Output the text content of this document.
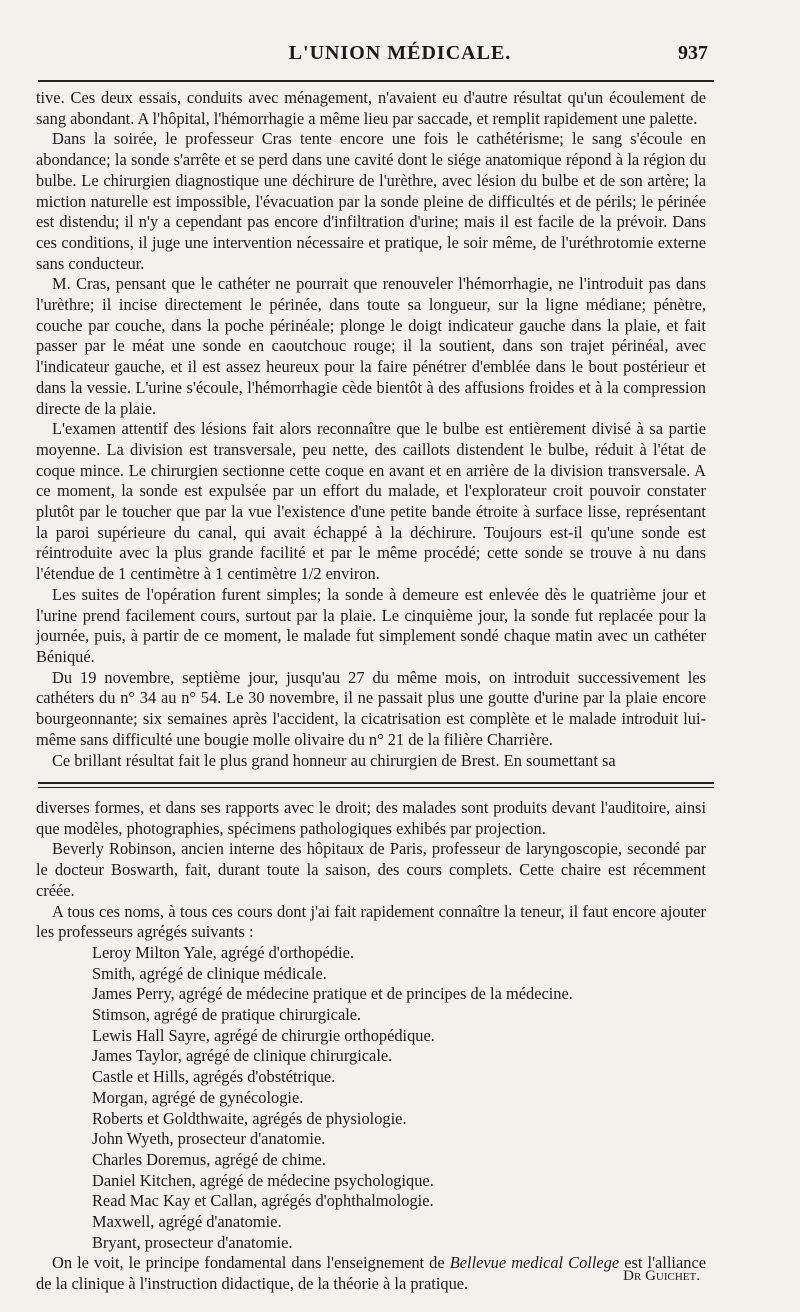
L'UNION MÉDICALE.	937

tive. Ces deux essais, conduits avec ménagement, n'avaient eu d'autre résultat qu'un écoulement de sang abondant. A l'hôpital, l'hémorrhagie a même lieu par saccade, et remplit rapidement une palette.

Dans la soirée, le professeur Cras tente encore une fois le cathétérisme; le sang s'écoule en abondance; la sonde s'arrête et se perd dans une cavité dont le siége anatomique répond à la région du bulbe. Le chirurgien diagnostique une déchirure de l'urèthre, avec lésion du bulbe et de son artère; la miction naturelle est impossible, l'évacuation par la sonde pleine de difficultés et de périls; le périnée est distendu; il n'y a cependant pas encore d'infiltration d'urine; mais il est facile de la prévoir. Dans ces conditions, il juge une intervention nécessaire et pratique, le soir même, de l'uréthrotomie externe sans conducteur.

M. Cras, pensant que le cathéter ne pourrait que renouveler l'hémorrhagie, ne l'introduit pas dans l'urèthre; il incise directement le périnée, dans toute sa longueur, sur la ligne médiane; pénètre, couche par couche, dans la poche périnéale; plonge le doigt indicateur gauche dans la plaie, et fait passer par le méat une sonde en caoutchouc rouge; il la soutient, dans son trajet périnéal, avec l'indicateur gauche, et il est assez heureux pour la faire pénétrer d'emblée dans le bout postérieur et dans la vessie. L'urine s'écoule, l'hémorrhagie cède bientôt à des affusions froides et à la compression directe de la plaie.

L'examen attentif des lésions fait alors reconnaître que le bulbe est entièrement divisé à sa partie moyenne. La division est transversale, peu nette, des caillots distendent le bulbe, réduit à l'état de coque mince. Le chirurgien sectionne cette coque en avant et en arrière de la division transversale. A ce moment, la sonde est expulsée par un effort du malade, et l'explorateur croit pouvoir constater plutôt par le toucher que par la vue l'existence d'une petite bande étroite à surface lisse, représentant la paroi supérieure du canal, qui avait échappé à la déchirure. Toujours est-il qu'une sonde est réintroduite avec la plus grande facilité et par le même procédé; cette sonde se trouve à nu dans l'étendue de 1 centimètre à 1 centimètre 1/2 environ.

Les suites de l'opération furent simples; la sonde à demeure est enlevée dès le quatrième jour et l'urine prend facilement cours, surtout par la plaie. Le cinquième jour, la sonde fut replacée pour la journée, puis, à partir de ce moment, le malade fut simplement sondé chaque matin avec un cathéter Béniqué.

Du 19 novembre, septième jour, jusqu'au 27 du même mois, on introduit successivement les cathéters du n° 34 au n° 54. Le 30 novembre, il ne passait plus une goutte d'urine par la plaie encore bourgeonnante; six semaines après l'accident, la cicatrisation est complète et le malade introduit lui-même sans difficulté une bougie molle olivaire du n° 21 de la filière Charrière.

Ce brillant résultat fait le plus grand honneur au chirurgien de Brest. En soumettant sa

diverses formes, et dans ses rapports avec le droit; des malades sont produits devant l'auditoire, ainsi que modèles, photographies, spécimens pathologiques exhibés par projection.

Beverly Robinson, ancien interne des hôpitaux de Paris, professeur de laryngoscopie, secondé par le docteur Boswarth, fait, durant toute la saison, des cours complets. Cette chaire est récemment créée.

A tous ces noms, à tous ces cours dont j'ai fait rapidement connaître la teneur, il faut encore ajouter les professeurs agrégés suivants :

Leroy Milton Yale, agrégé d'orthopédie.
Smith, agrégé de clinique médicale.
James Perry, agrégé de médecine pratique et de principes de la médecine.
Stimson, agrégé de pratique chirurgicale.
Lewis Hall Sayre, agrégé de chirurgie orthopédique.
James Taylor, agrégé de clinique chirurgicale.
Castle et Hills, agrégés d'obstétrique.
Morgan, agrégé de gynécologie.
Roberts et Goldthwaite, agrégés de physiologie.
John Wyeth, prosecteur d'anatomie.
Charles Doremus, agrégé de chime.
Daniel Kitchen, agrégé de médecine psychologique.
Read Mac Kay et Callan, agrégés d'ophthalmologie.
Maxwell, agrégé d'anatomie.
Bryant, prosecteur d'anatomie.

On le voit, le principe fondamental dans l'enseignement de Bellevue medical College est l'alliance de la clinique à l'instruction didactique, de la théorie à la pratique.	Dr Guichet.
